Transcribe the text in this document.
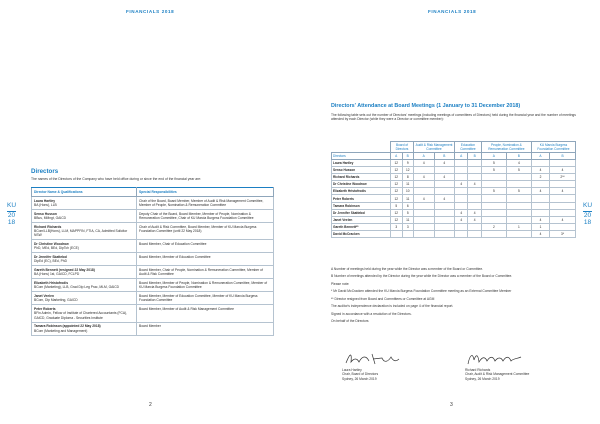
FINANCIALS 2018
KU
20
18
Directors
The names of the Directors of the Company who have held office during or since the end of the financial year are:
Director Name & Qualifications	Special Responsibilities

Laura Hartley
BA (Hons), LLB	Chair of the Board, Board Member, Member of Audit & Risk Management Committee, Member of People, Nomination & Remuneration Committee

Senso Husson
BBus, MMngt, GAICD	Deputy Chair of the Board, Board Member, Member of People, Nomination & Remuneration Committee, Chair of KU Marcia Burgess Foundation Committee

Richard Richards
BCom/LLB(Hons), LLM, MAPPFIN, FTIA, CA, Admitted Solicitor NSW	Chair of Audit & Risk Committee, Board Member, Member of KU Marcia Burgess Foundation Committee (until 22 May 2018)

Dr Christine Woodrow
PhD, MEd, BEd, DipTch (ECE)	Board Member, Chair of Education Committee

Dr Jennifer Skattebol
DipEd (EC), BEd, PhD	Board Member, Member of Education Committee

Gareth Bennett (resigned 22 May 2018)
BA (Hons) 1st, GAICD, FCLPD	Board Member, Chair of People, Nomination & Remuneration Committee, Member of Audit & Risk Committee

Elizabeth Hristofrodis
BCom (Marketing), LLB, Grad Dip Leg Prac, MLM, GAICD	Board Member, Member of People, Nomination & Remuneration Committee, Member of KU Marcia Burgess Foundation Committee

Janet Veelen
BCom, Dip Marketing, GAICD	Board Member, Member of Education Committee, Member of KU Marcia Burgess Foundation Committee

Peter Roberts
BFin Admin, Fellow of Institute of Chartered Accountants (FCA), GAICD, Graduate Diploma - Securities Institute	Board Member, Member of Audit & Risk Management Committee

Tamara Robinson (appointed 22 May 2018)
BCom (Marketing and Management)	Board Member
2
FINANCIALS 2018
KU
20
18
Directors' Attendance at Board Meetings (1 January to 31 December 2018)
The following table sets out the number of Directors' meetings (including meetings of committees of Directors) held during the financial year and the number of meetings attended by each Director (while they were a Director or committee member):
	Board of Directors		Audit & Risk Management Committee		Education Committee		People, Nomination & Remuneration Committee		KU Marcia Burgess Foundation Committee	
Directors	A	B	A	B	A	B	A	B	A	B
Laura Hartley	12	9	4	4			5	4		
Senso Husson	12	12					5	5	4	4
Richard Richards	12	8	4	4					2	2**
Dr Christine Woodrow	12	11			4	4				
Elizabeth Hristofrodis	12	10					5	5	4	4
Peter Roberts	12	11	4	4						
Tamara Robinson	5	6								
Dr Jennifer Skattebol	12	5			4	4				
Janet Veelen	12	11			4	4			4	4
Gareth Bennett**	3	3					2	1	1	
David McCracken									4	3*

A Number of meetings held during the year while the Director was a member of the Board or Committee.

B Number of meetings attended by the Director during the year while the Director was a member of the Board or Committee.

Please note:

* Mr David McCracken attended the KU Marcia Burgess Foundation Committee meeting as an External Committee Member

** Director resigned from Board and Committees or Committee at AGM

The auditor's independence declaration is included on page 4 of the financial report.

Signed in accordance with a resolution of the Directors.

On behalf of the Directors

Laura Hartley
Chair, Board of Directors
Sydney, 26 March 2019
Richard Richards
Chair, Audit & Risk Management Committee
Sydney, 26 March 2019
3
